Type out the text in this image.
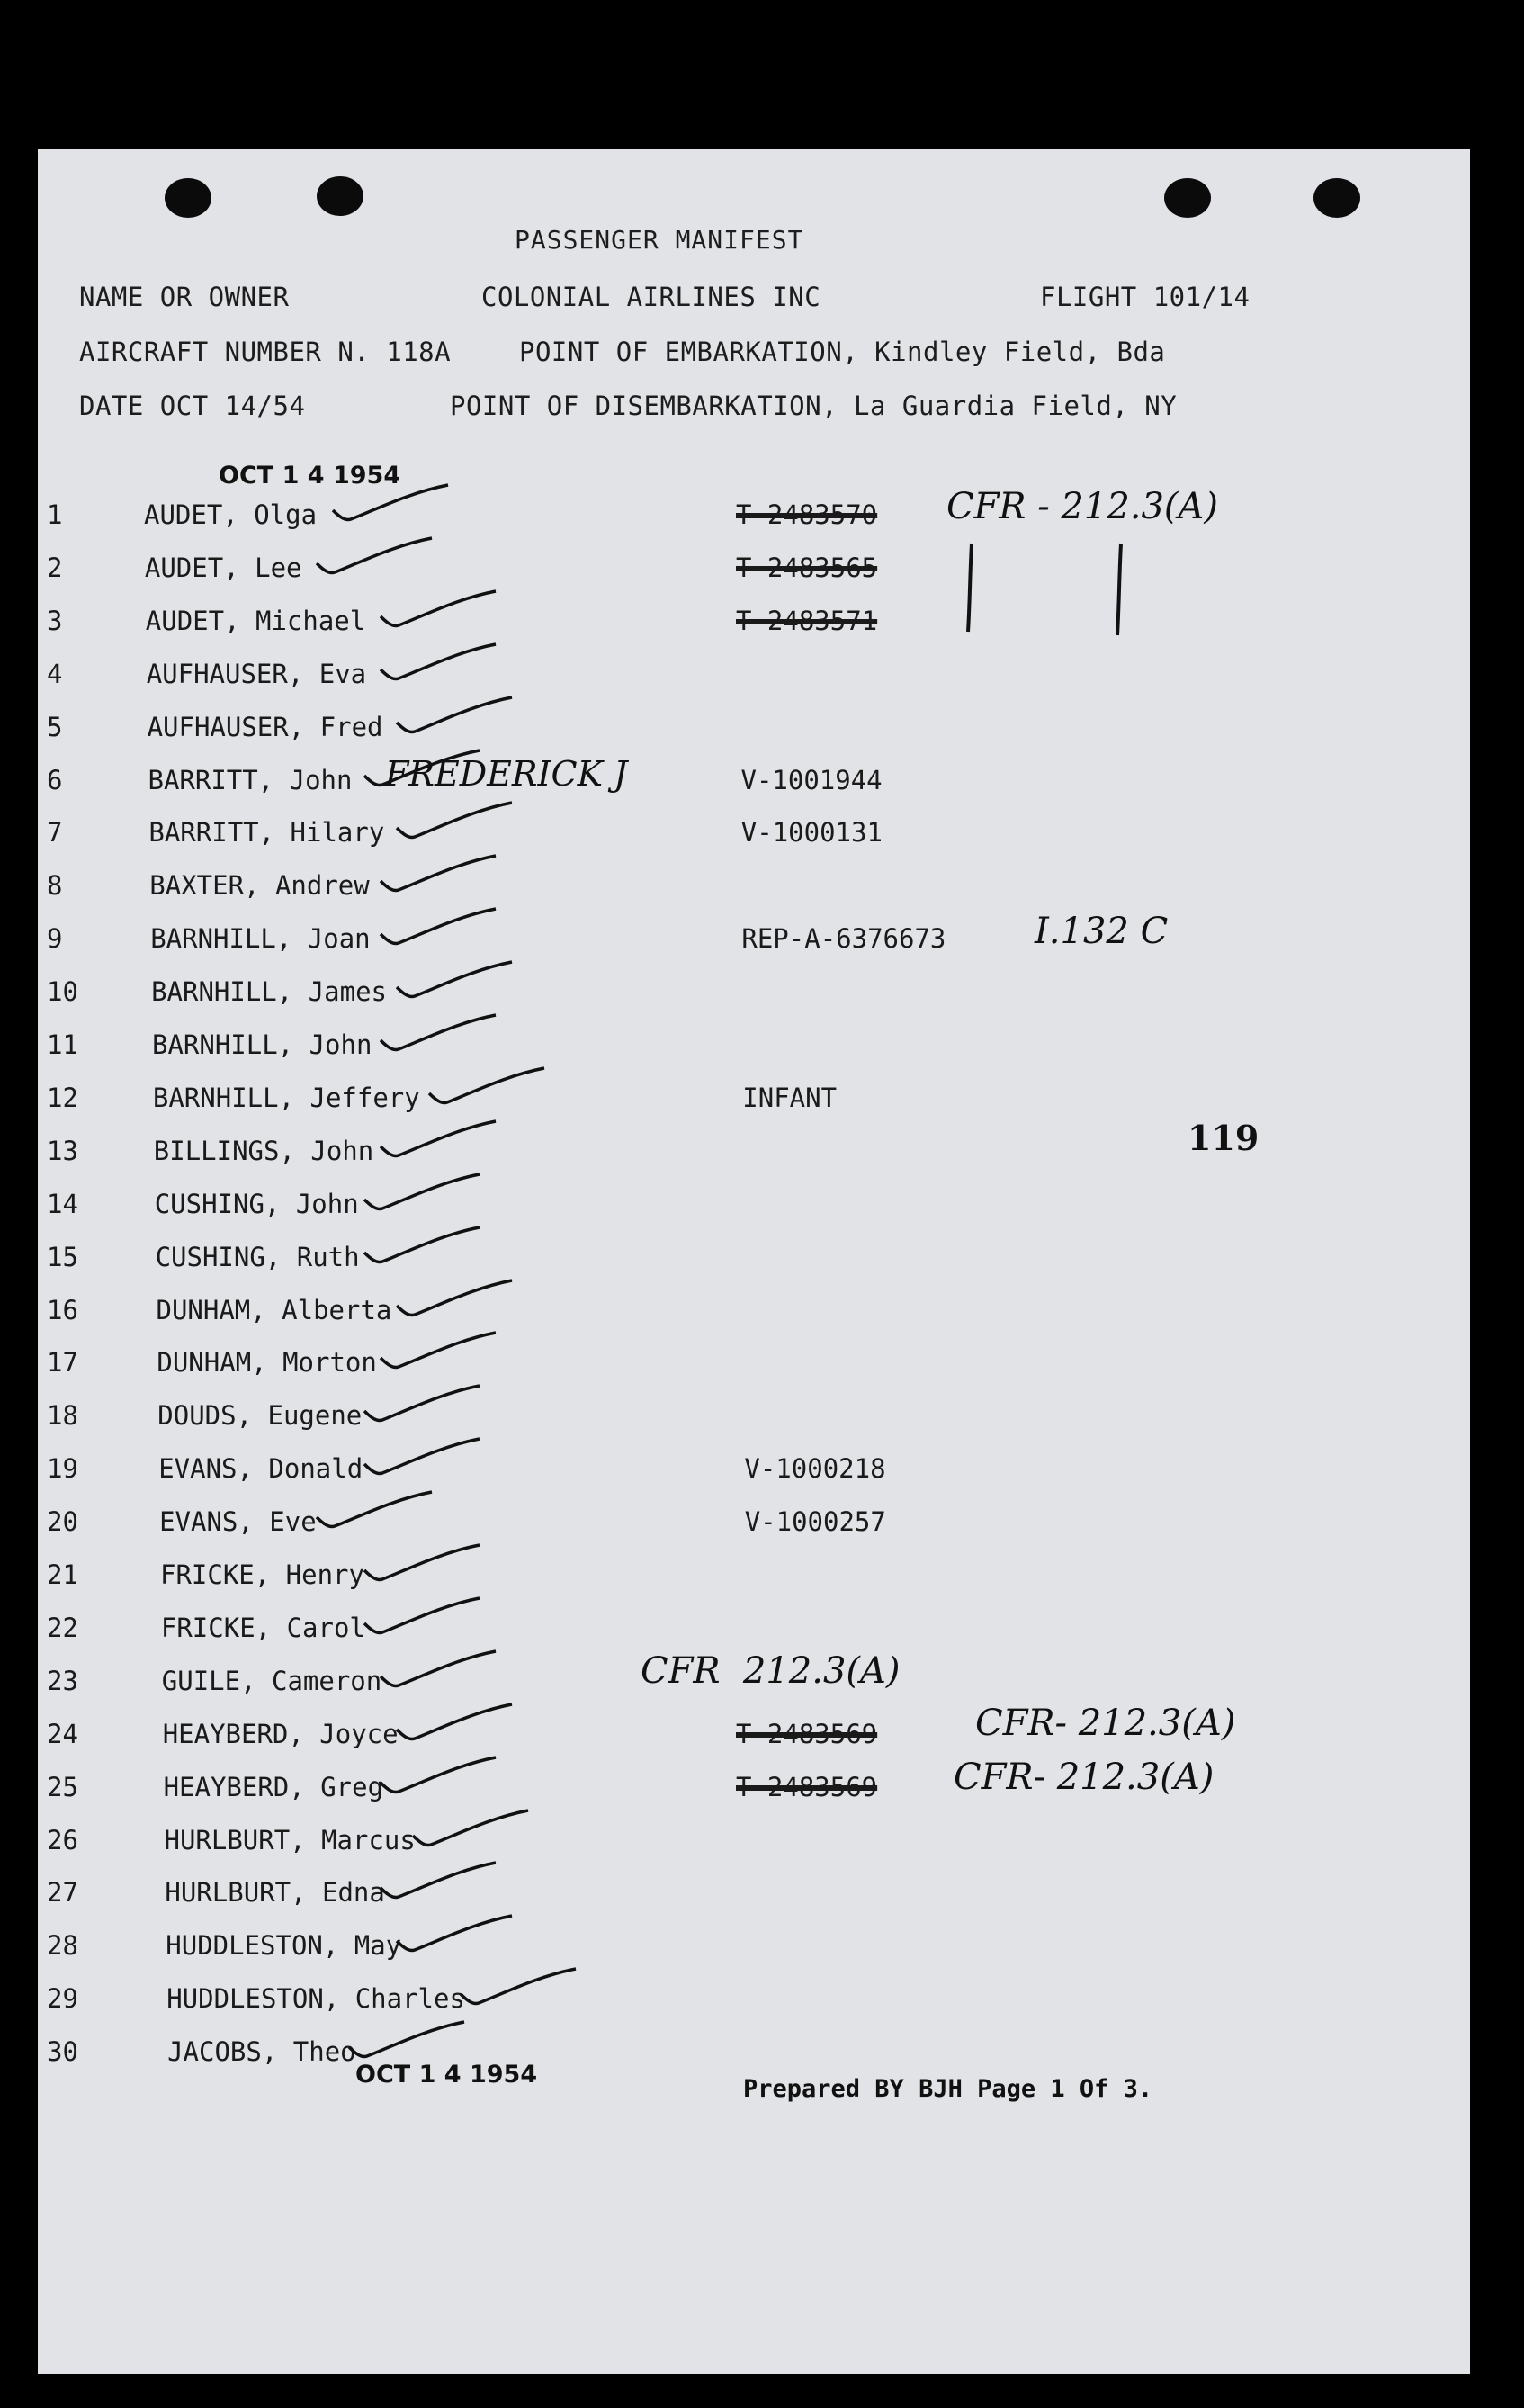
PASSENGER MANIFEST
NAME OR OWNER	COLONIAL AIRLINES INC	FLIGHT 101/14
AIRCRAFT NUMBER N. 118A	POINT OF EMBARKATION, Kindley Field, Bda
DATE OCT 14/54	POINT OF DISEMBARKATION, La Guardia Field, NY
OCT 1 4 1954
1	AUDET, Olga	T-2483570
2	AUDET, Lee	T-2483565
3	AUDET, Michael	T-2483571
4	AUFHAUSER, Eva
5	AUFHAUSER, Fred
6	BARRITT, John	V-1001944
7	BARRITT, Hilary	V-1000131
8	BAXTER, Andrew
9	BARNHILL, Joan	REP-A-6376673
10	BARNHILL, James
11	BARNHILL, John
12	BARNHILL, Jeffery	INFANT
13	BILLINGS, John
14	CUSHING, John
15	CUSHING, Ruth
16	DUNHAM, Alberta
17	DUNHAM, Morton
18	DOUDS, Eugene
19	EVANS, Donald	V-1000218
20	EVANS, Eve	V-1000257
21	FRICKE, Henry
22	FRICKE, Carol
23	GUILE, Cameron
24	HEAYBERD, Joyce	T-2483569
25	HEAYBERD, Greg	T-2483569
26	HURLBURT, Marcus
27	HURLBURT, Edna
28	HUDDLESTON, May
29	HUDDLESTON, Charles
30	JACOBS, Theo
CFR - 212.3(A)
FREDERICK J
I.132 C
CFR  212.3(A)
CFR- 212.3(A)
CFR- 212.3(A)
119
OCT 1 4 1954
Prepared BY BJH Page 1 Of 3.
